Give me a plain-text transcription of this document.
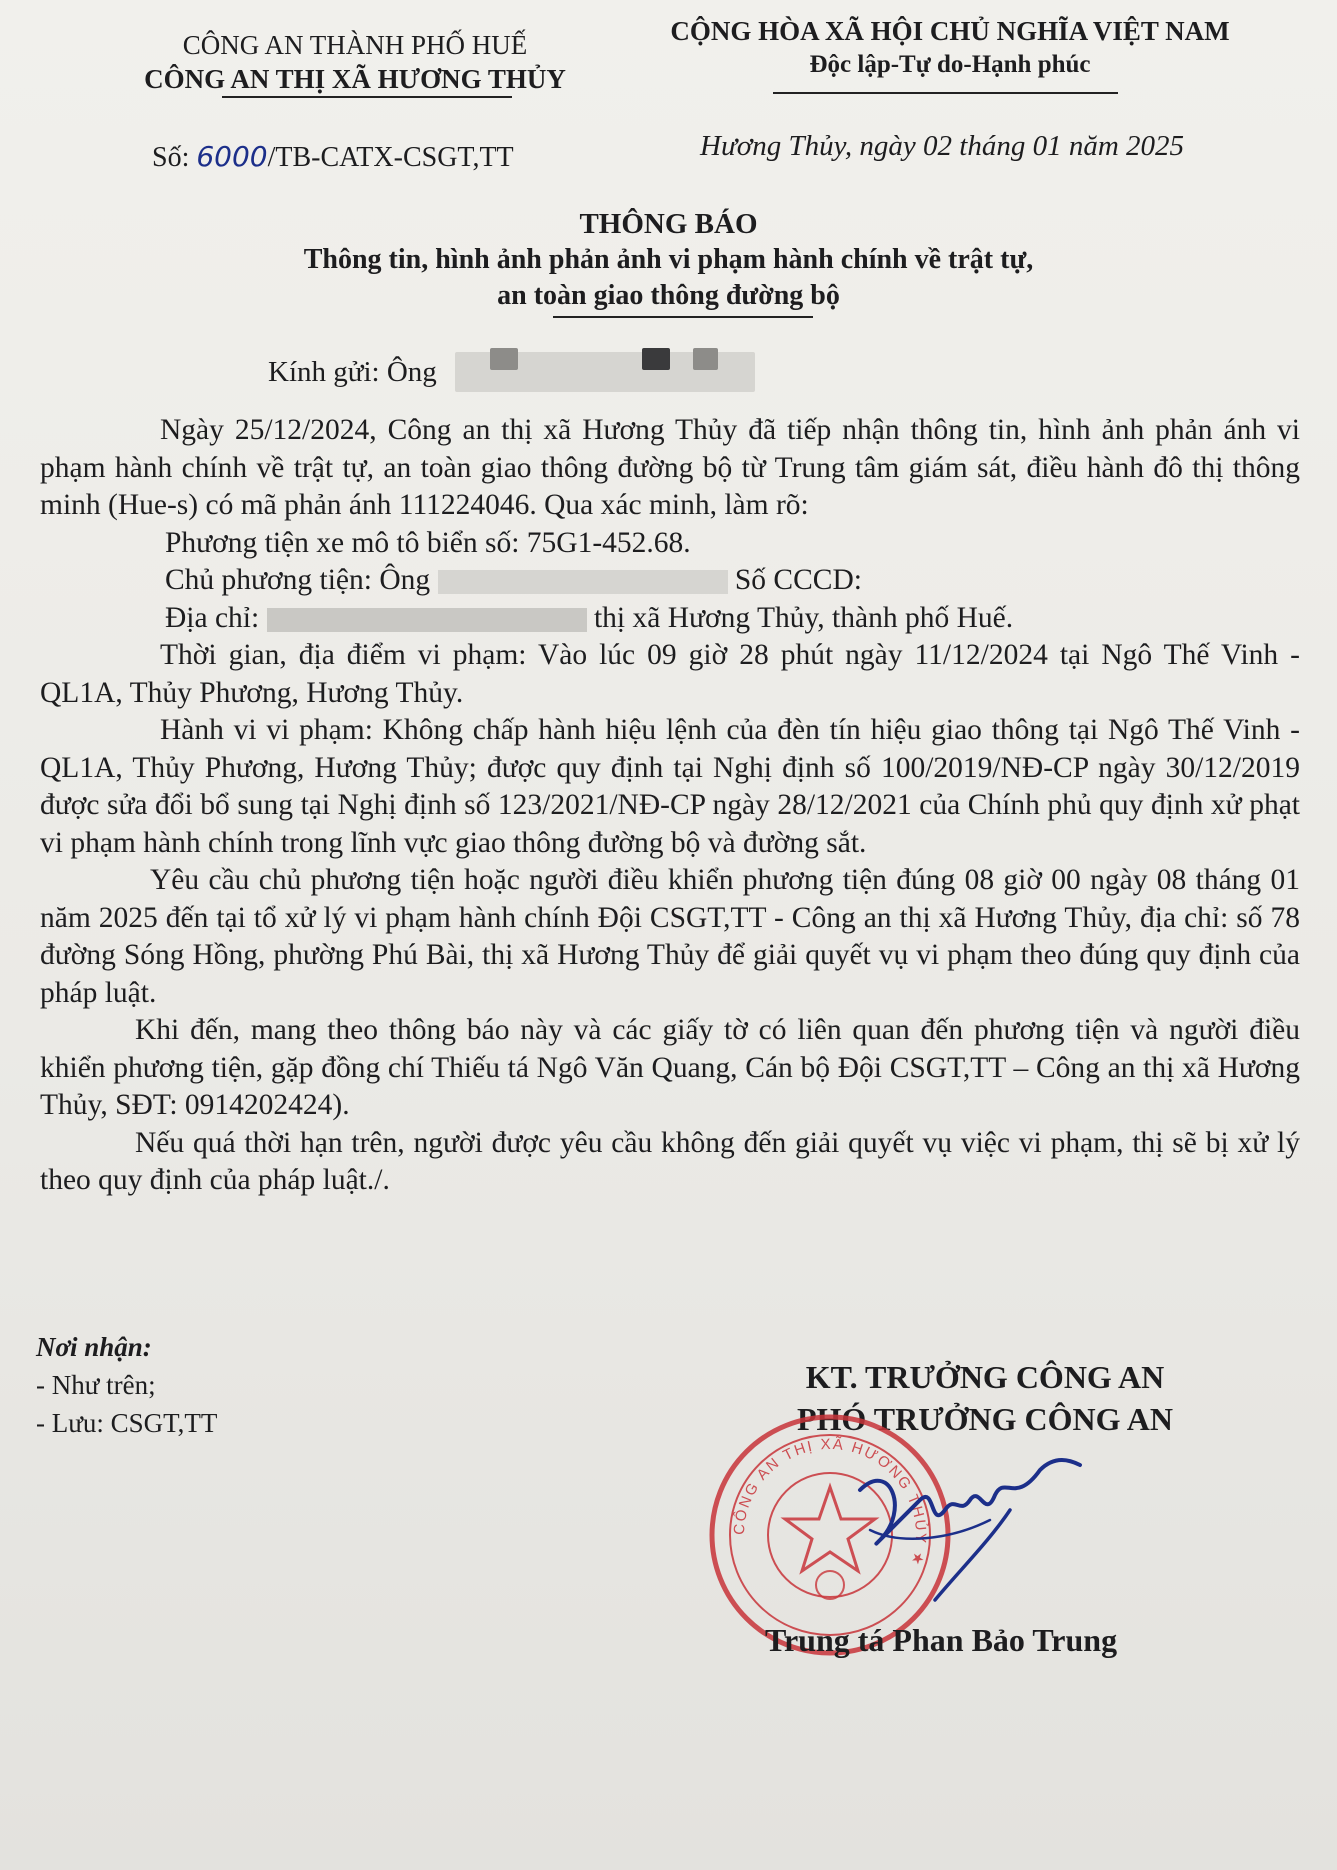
CÔNG AN THÀNH PHỐ HUẾ
CÔNG AN THỊ XÃ HƯƠNG THỦY
CỘNG HÒA XÃ HỘI CHỦ NGHĨA VIỆT NAM
Độc lập-Tự do-Hạnh phúc
Số: 6000/TB-CATX-CSGT,TT	Hương Thủy, ngày 02 tháng 01 năm 2025
THÔNG BÁO
Thông tin, hình ảnh phản ảnh vi phạm hành chính về trật tự,
an toàn giao thông đường bộ
Kính gửi: Ông

Ngày 25/12/2024, Công an thị xã Hương Thủy đã tiếp nhận thông tin, hình ảnh phản ánh vi phạm hành chính về trật tự, an toàn giao thông đường bộ từ Trung tâm giám sát, điều hành đô thị thông minh (Hue-s) có mã phản ánh 111224046. Qua xác minh, làm rõ:

Phương tiện xe mô tô biển số: 75G1-452.68.

Chủ phương tiện: Ông	Số CCCD:

Địa chỉ:	thị xã Hương Thủy, thành phố Huế.

Thời gian, địa điểm vi phạm: Vào lúc 09 giờ 28 phút ngày 11/12/2024 tại Ngô Thế Vinh - QL1A, Thủy Phương, Hương Thủy.

Hành vi vi phạm: Không chấp hành hiệu lệnh của đèn tín hiệu giao thông tại Ngô Thế Vinh - QL1A, Thủy Phương, Hương Thủy; được quy định tại Nghị định số 100/2019/NĐ-CP ngày 30/12/2019 được sửa đổi bổ sung tại Nghị định số 123/2021/NĐ-CP ngày 28/12/2021 của Chính phủ quy định xử phạt vi phạm hành chính trong lĩnh vực giao thông đường bộ và đường sắt.

Yêu cầu chủ phương tiện hoặc người điều khiển phương tiện đúng 08 giờ 00 ngày 08 tháng 01 năm 2025 đến tại tổ xử lý vi phạm hành chính Đội CSGT,TT - Công an thị xã Hương Thủy, địa chỉ: số 78 đường Sóng Hồng, phường Phú Bài, thị xã Hương Thủy để giải quyết vụ vi phạm theo đúng quy định của pháp luật.

Khi đến, mang theo thông báo này và các giấy tờ có liên quan đến phương tiện và người điều khiển phương tiện, gặp đồng chí Thiếu tá Ngô Văn Quang, Cán bộ Đội CSGT,TT – Công an thị xã Hương Thủy, SĐT: 0914202424).

Nếu quá thời hạn trên, người được yêu cầu không đến giải quyết vụ việc vi phạm, thị sẽ bị xử lý theo quy định của pháp luật./.

Nơi nhận:
- Như trên;
- Lưu: CSGT,TT
KT. TRƯỞNG CÔNG AN
PHÓ TRƯỞNG CÔNG AN
CÔNG AN THỊ XÃ HƯƠNG THỦY ★
Trung tá Phan Bảo Trung
